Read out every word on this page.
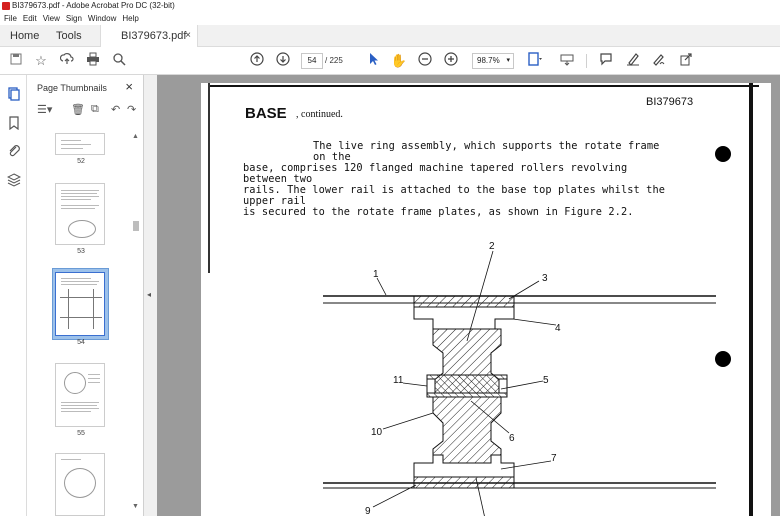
BI379673.pdf - Adobe Acrobat Pro DC (32-bit)
File Edit View Sign Window Help
Home	Tools	BI379673.pdf
×
☆	54	/ 225	✋	98.7% ▾
Page Thumbnails ×
☰▾ 🗑 ⧉ ↶ ↷
52
53
54
55
▲
▼
◂
BI379673
BASE , continued.
The live ring assembly, which supports the rotate frame on the
base, comprises 120 flanged machine tapered rollers revolving between two
rails. The lower rail is attached to the base top plates whilst the upper rail
is secured to the rotate frame plates, as shown in Figure 2.2.
1
2
3
4
5
6
7
9
10
11
